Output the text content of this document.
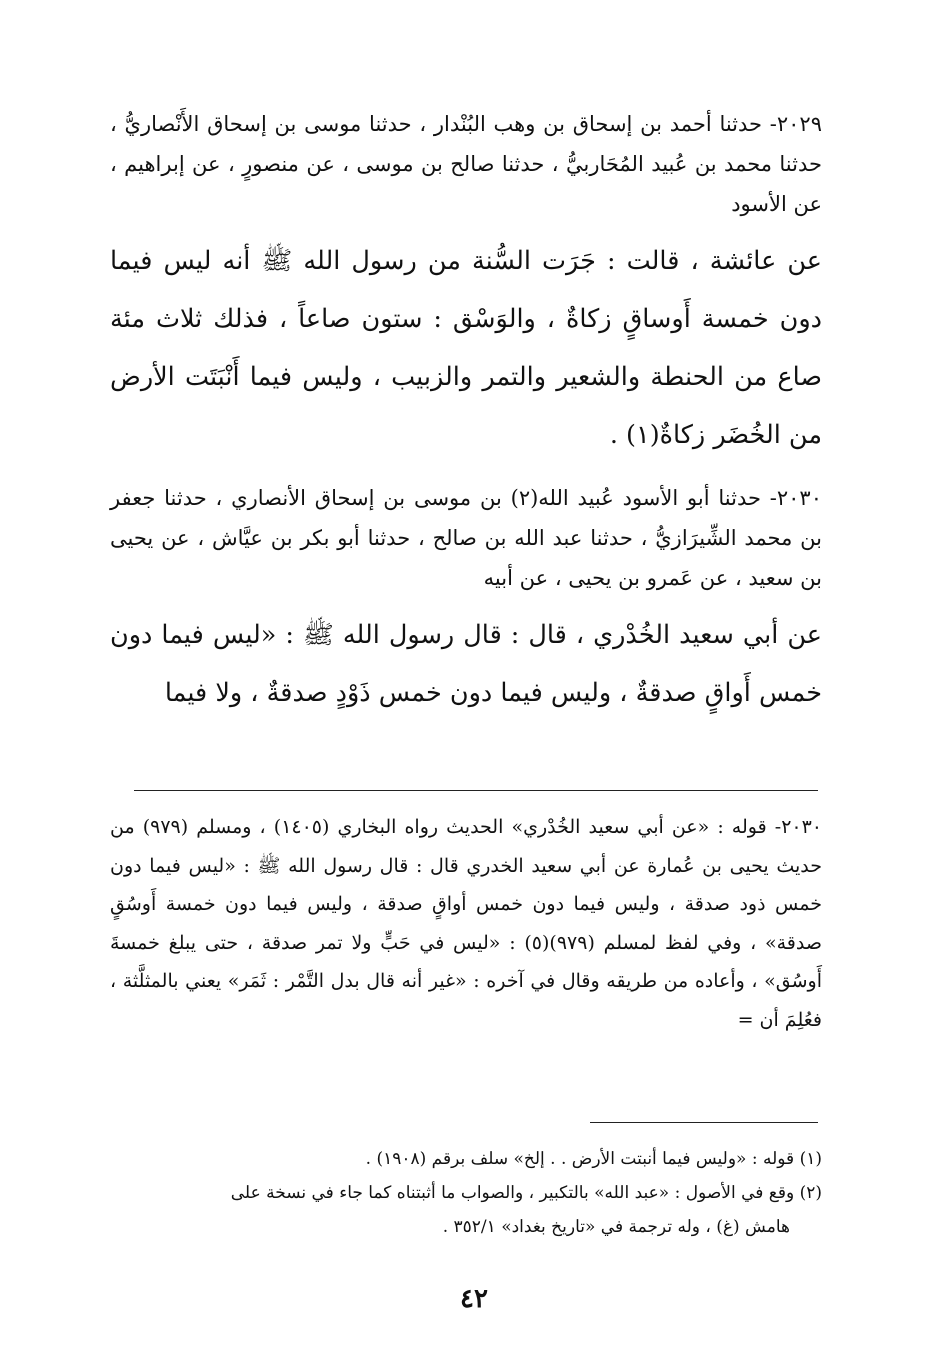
٢٠٢٩- حدثنا أحمد بن إسحاق بن وهب البُنْدار ، حدثنا موسى بن إسحاق الأَنْصاريُّ ، حدثنا محمد بن عُبيد المُحَاربيُّ ، حدثنا صالح بن موسى ، عن منصورٍ ، عن إبراهيم ، عن الأسود

عن عائشة ، قالت : جَرَت السُّنة من رسول الله ﷺ أنه ليس فيما دون خمسة أَوساقٍ زكاةٌ ، والوَسْق : ستون صاعاً ، فذلك ثلاث مئة صاع من الحنطة والشعير والتمر والزبيب ، وليس فيما أَنْبَتَت الأرض من الخُضَر زكاةٌ(١) .

٢٠٣٠- حدثنا أبو الأسود عُبيد الله(٢) بن موسى بن إسحاق الأنصاري ، حدثنا جعفر بن محمد الشِّيرَازيُّ ، حدثنا عبد الله بن صالح ، حدثنا أبو بكر بن عيَّاش ، عن يحيى بن سعيد ، عن عَمرو بن يحيى ، عن أبيه

عن أبي سعيد الخُدْري ، قال : قال رسول الله ﷺ : «ليس فيما دون خمس أَواقٍ صدقةٌ ، وليس فيما دون خمس ذَوْدٍ صدقةٌ ، ولا فيما

٢٠٣٠- قوله : «عن أبي سعيد الخُدْري» الحديث رواه البخاري (١٤٠٥) ، ومسلم (٩٧٩) من حديث يحيى بن عُمارة عن أبي سعيد الخدري قال : قال رسول الله ﷺ : «ليس فيما دون خمس ذود صدقة ، وليس فيما دون خمس أواقٍ صدقة ، وليس فيما دون خمسة أَوسُقٍ صدقة» ، وفي لفظ لمسلم (٩٧٩)(٥) : «ليس في حَبٍّ ولا تمر صدقة ، حتى يبلغ خمسةَ أَوسُق» ، وأعاده من طريقه وقال في آخره : «غير أنه قال بدل التَّمْر : ثَمَر» يعني بالمثلَّثة ، فعُلِمَ أن =

(١) قوله : «وليس فيما أنبتت الأرض . . إلخ» سلف برقم (١٩٠٨) .

(٢) وقع في الأصول : «عبد الله» بالتكبير ، والصواب ما أثبتناه كما جاء في نسخة على

هامش (غ) ، وله ترجمة في «تاريخ بغداد» ٣٥٢/١ .

٤٢
